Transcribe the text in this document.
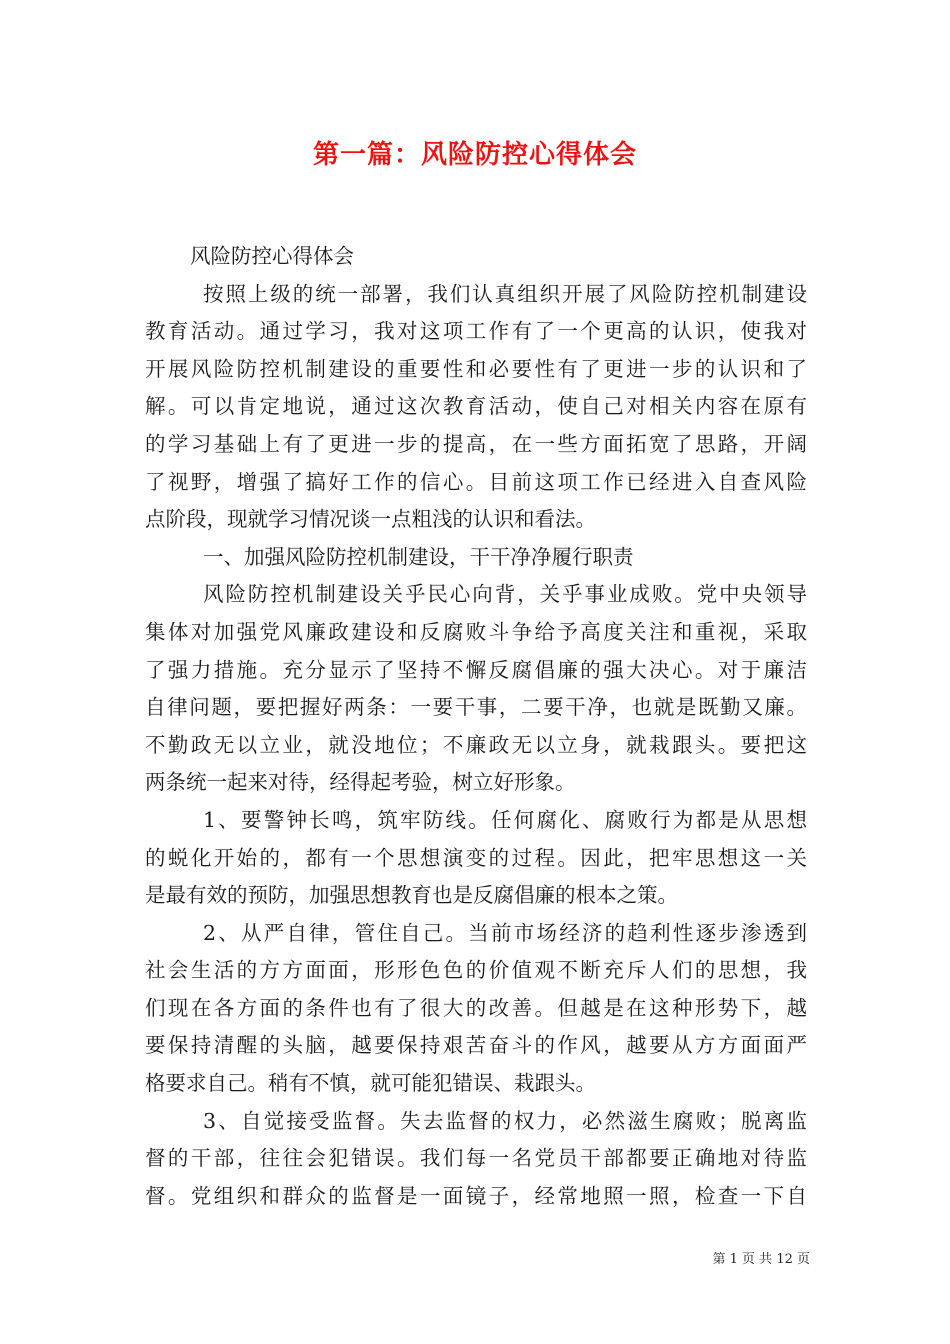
第一篇：风险防控心得体会
风险防控心得体会
按照上级的统一部署，我们认真组织开展了风险防控机制建设
教育活动。通过学习，我对这项工作有了一个更高的认识，使我对
开展风险防控机制建设的重要性和必要性有了更进一步的认识和了
解。可以肯定地说，通过这次教育活动，使自己对相关内容在原有
的学习基础上有了更进一步的提高，在一些方面拓宽了思路，开阔
了视野，增强了搞好工作的信心。目前这项工作已经进入自查风险
点阶段，现就学习情况谈一点粗浅的认识和看法。
一、加强风险防控机制建设，干干净净履行职责
风险防控机制建设关乎民心向背，关乎事业成败。党中央领导
集体对加强党风廉政建设和反腐败斗争给予高度关注和重视，采取
了强力措施。充分显示了坚持不懈反腐倡廉的强大决心。对于廉洁
自律问题，要把握好两条：一要干事，二要干净，也就是既勤又廉。
不勤政无以立业，就没地位；不廉政无以立身，就栽跟头。要把这
两条统一起来对待，经得起考验，树立好形象。
1、要警钟长鸣，筑牢防线。任何腐化、腐败行为都是从思想
的蜕化开始的，都有一个思想演变的过程。因此，把牢思想这一关
是最有效的预防，加强思想教育也是反腐倡廉的根本之策。
2、从严自律，管住自己。当前市场经济的趋利性逐步渗透到
社会生活的方方面面，形形色色的价值观不断充斥人们的思想，我
们现在各方面的条件也有了很大的改善。但越是在这种形势下，越
要保持清醒的头脑，越要保持艰苦奋斗的作风，越要从方方面面严
格要求自己。稍有不慎，就可能犯错误、栽跟头。
3、自觉接受监督。失去监督的权力，必然滋生腐败；脱离监
督的干部，往往会犯错误。我们每一名党员干部都要正确地对待监
督。党组织和群众的监督是一面镜子，经常地照一照，检查一下自
第 1 页 共 12 页
